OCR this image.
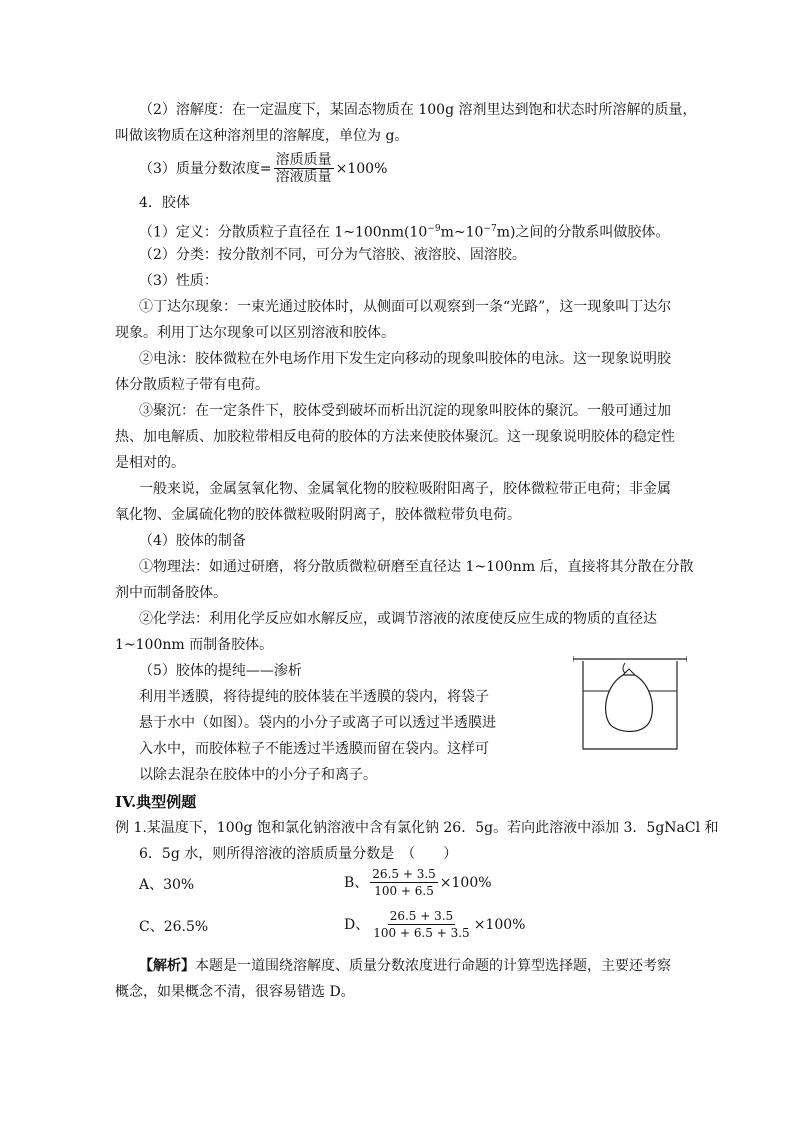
（2）溶解度：在一定温度下，某固态物质在 100g 溶剂里达到饱和状态时所溶解的质量，
叫做该物质在这种溶剂里的溶解度，单位为 g。
（3）质量分数浓度= $\frac{\text{溶质质量}}{\text{溶液质量}} \times 100\%$
4．胶体
（1）定义：分散质粒子直径在 $1\sim 100nm(10^{-9}m\sim 10^{-7}m)$之间的分散系叫做胶体。
（2）分类：按分散剂不同，可分为气溶胶、液溶胶、固溶胶。
（3）性质：
①丁达尔现象：一束光通过胶体时，从侧面可以观察到一条“光路”，这一现象叫丁达尔
现象。利用丁达尔现象可以区别溶液和胶体。
②电泳：胶体微粒在外电场作用下发生定向移动的现象叫胶体的电泳。这一现象说明胶
体分散质粒子带有电荷。
③聚沉：在一定条件下，胶体受到破坏而析出沉淀的现象叫胶体的聚沉。一般可通过加
热、加电解质、加胶粒带相反电荷的胶体的方法来使胶体聚沉。这一现象说明胶体的稳定性
是相对的。
一般来说，金属氢氧化物、金属氧化物的胶粒吸附阳离子，胶体微粒带正电荷；非金属
氧化物、金属硫化物的胶体微粒吸附阴离子，胶体微粒带负电荷。
（4）胶体的制备
①物理法：如通过研磨，将分散质微粒研磨至直径达 1~100nm 后，直接将其分散在分散
剂中而制备胶体。
②化学法：利用化学反应如水解反应，或调节溶液的浓度使反应生成的物质的直径达
1~100nm 而制备胶体。
（5）胶体的提纯——渗析
利用半透膜，将待提纯的胶体装在半透膜的袋内，将袋子
悬于水中（如图）。袋内的小分子或离子可以透过半透膜进
入水中，而胶体粒子不能透过半透膜而留在袋内。这样可
以除去混杂在胶体中的小分子和离子。
IV.典型例题
例 1.某温度下，100g 饱和氯化钠溶液中含有氯化钠 26．5g。若向此溶液中添加 3．5gNaCl 和
6．5g 水，则所得溶液的溶质质量分数是　（　　）
A、30%	B、 $\frac{26.5 + 3.5}{100 + 6.5} \times 100\%$
C、26.5%	D、 $\frac{26.5 + 3.5}{100 + 6.5 + 3.5} \times 100\%$
【解析】本题是一道围绕溶解度、质量分数浓度进行命题的计算型选择题，主要还考察
概念，如果概念不清，很容易错选 D。
